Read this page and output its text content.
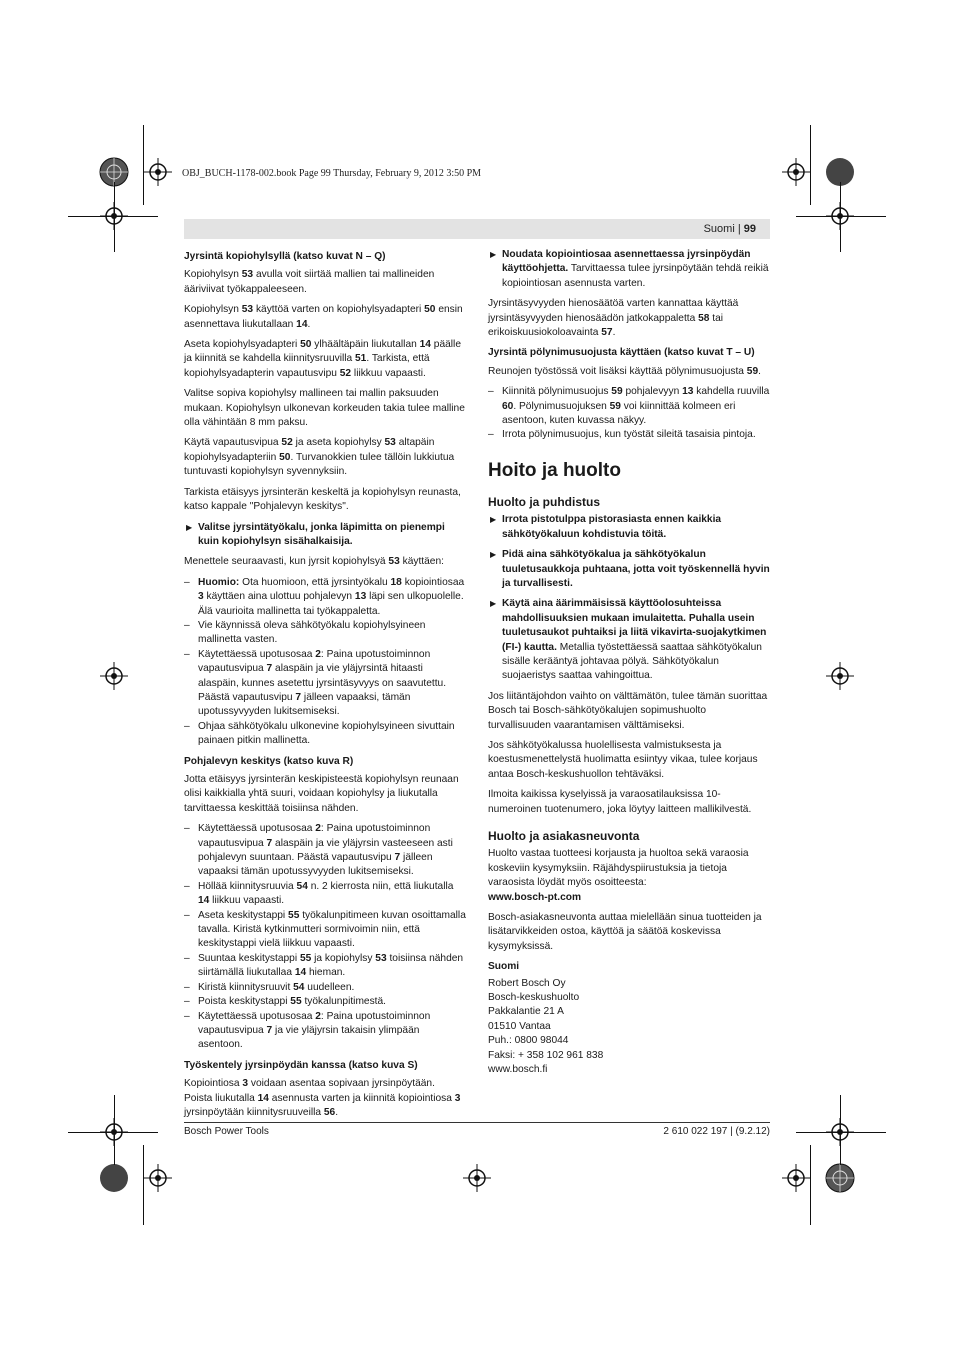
OBJ_BUCH-1178-002.book Page 99 Thursday, February 9, 2012 3:50 PM
Suomi | 99
Jyrsintä kopiohylsyllä (katso kuvat N – Q)

Kopiohylsyn 53 avulla voit siirtää mallien tai mallineiden ääriviivat työkappaleeseen.

Kopiohylsyn 53 käyttöä varten on kopiohylsyadapteri 50 ensin asennettava liukutallaan 14.

Aseta kopiohylsyadapteri 50 ylhäältäpäin liukutallan 14 päälle ja kiinnitä se kahdella kiinnitysruuvilla 51. Tarkista, että kopiohylsyadapterin vapautusvipu 52 liikkuu vapaasti.

Valitse sopiva kopiohylsy mallineen tai mallin paksuuden mukaan. Kopiohylsyn ulkonevan korkeuden takia tulee malline olla vähintään 8 mm paksu.

Käytä vapautusvipua 52 ja aseta kopiohylsy 53 altapäin kopiohylsyadapteriin 50. Turvanokkien tulee tällöin lukkiutua tuntuvasti kopiohylsyn syvennyksiin.

Tarkista etäisyys jyrsinterän keskeltä ja kopiohylsyn reunasta, katso kappale "Pohjalevyn keskitys".

▶ Valitse jyrsintätyökalu, jonka läpimitta on pienempi kuin kopiohylsyn sisähalkaisija.

Menettele seuraavasti, kun jyrsit kopiohylsyä 53 käyttäen:

– Huomio: Ota huomioon, että jyrsintyökalu 18 kopiointiosaa 3 käyttäen aina ulottuu pohjalevyn 13 läpi sen ulkopuolelle. Älä vaurioita mallinetta tai työkappaletta.
– Vie käynnissä oleva sähkötyökalu kopiohylsyineen mallinetta vasten.
– Käytettäessä upotusosaa 2: Paina upotustoiminnon vapautusvipua 7 alaspäin ja vie yläjyrsintä hitaasti alaspäin, kunnes asetettu jyrsintäsyvyys on saavutettu. Päästä vapautusvipu 7 jälleen vapaaksi, tämän upotussyvyyden lukitsemiseksi.
– Ohjaa sähkötyökalu ulkonevine kopiohylsyineen sivuttain painaen pitkin mallinetta.
Pohjalevyn keskitys (katso kuva R)

Jotta etäisyys jyrsinterän keskipisteestä kopiohylsyn reunaan olisi kaikkialla yhtä suuri, voidaan kopiohylsy ja liukutalla tarvittaessa keskittää toisiinsa nähden.

– Käytettäessä upotusosaa 2: Paina upotustoiminnon vapautusvipua 7 alaspäin ja vie yläjyrsin vasteeseen asti pohjalevyn suuntaan. Päästä vapautusvipu 7 jälleen vapaaksi tämän upotussyvyyden lukitsemiseksi.
– Höllää kiinnitysruuvia 54 n. 2 kierrosta niin, että liukutalla 14 liikkuu vapaasti.
– Aseta keskitystappi 55 työkalunpitimeen kuvan osoittamalla tavalla. Kiristä kytkinmutteri sormivoimin niin, että keskitystappi vielä liikkuu vapaasti.
– Suuntaa keskitystappi 55 ja kopiohylsy 53 toisiinsa nähden siirtämällä liukutallaa 14 hieman.
– Kiristä kiinnitysruuvit 54 uudelleen.
– Poista keskitystappi 55 työkalunpitimestä.
– Käytettäessä upotusosaa 2: Paina upotustoiminnon vapautusvipua 7 ja vie yläjyrsin takaisin ylimpään asentoon.
Työskentely jyrsinpöydän kanssa (katso kuva S)

Kopiointiosa 3 voidaan asentaa sopivaan jyrsinpöytään. Poista liukutalla 14 asennusta varten ja kiinnitä kopiointiosa 3 jyrsinpöytään kiinnitysruuveilla 56.

▶ Noudata kopiointiosaa asennettaessa jyrsinpöydän käyttöohjetta. Tarvittaessa tulee jyrsinpöytään tehdä reikiä kopiointiosan asennusta varten.

Jyrsintäsyvyyden hienosäätöä varten kannattaa käyttää jyrsintäsyvyyden hienosäädön jatkokappaletta 58 tai erikoiskuusiokoloavainta 57.

Jyrsintä pölynimusuojusta käyttäen (katso kuvat T – U)

Reunojen työstössä voit lisäksi käyttää pölynimusuojusta 59.

– Kiinnitä pölynimusuojus 59 pohjalevyyn 13 kahdella ruuvilla 60. Pölynimusuojuksen 59 voi kiinnittää kolmeen eri asentoon, kuten kuvassa näkyy.
– Irrota pölynimusuojus, kun työstät sileitä tasaisia pintoja.
Hoito ja huolto
Huolto ja puhdistus
▶ Irrota pistotulppa pistorasiasta ennen kaikkia sähkötyökaluun kohdistuvia töitä.
▶ Pidä aina sähkötyökalua ja sähkötyökalun tuuletusaukkoja puhtaana, jotta voit työskennellä hyvin ja turvallisesti.
▶ Käytä aina äärimmäisissä käyttöolosuhteissa mahdollisuuksien mukaan imulaitetta. Puhalla usein tuuletusaukot puhtaiksi ja liitä vikavirta-suojakytkimen (FI-) kautta. Metallia työstettäessä saattaa sähkötyökalun sisälle kerääntyä johtavaa pölyä. Sähkötyökalun suojaeristys saattaa vahingoittua.

Jos liitäntäjohdon vaihto on välttämätön, tulee tämän suorittaa Bosch tai Bosch-sähkötyökalujen sopimushuolto turvallisuuden vaarantamisen välttämiseksi.

Jos sähkötyökalussa huolellisesta valmistuksesta ja koestusmenettelystä huolimatta esiintyy vikaa, tulee korjaus antaa Bosch-keskushuollon tehtäväksi.

Ilmoita kaikissa kyselyissä ja varaosatilauksissa 10-numeroinen tuotenumero, joka löytyy laitteen mallikilvestä.

Huolto ja asiakasneuvonta

Huolto vastaa tuotteesi korjausta ja huoltoa sekä varaosia koskeviin kysymyksiin. Räjähdyspiirustuksia ja tietoja varaosista löydät myös osoitteesta:

www.bosch-pt.com

Bosch-asiakasneuvonta auttaa mielellään sinua tuotteiden ja lisätarvikkeiden ostoa, käyttöä ja säätöä koskevissa kysymyksissä.

Suomi

Robert Bosch Oy

Bosch-keskushuolto

Pakkalantie 21 A

01510 Vantaa

Puh.: 0800 98044

Faksi: + 358 102 961 838

www.bosch.fi

Bosch Power Tools	2 610 022 197 | (9.2.12)
